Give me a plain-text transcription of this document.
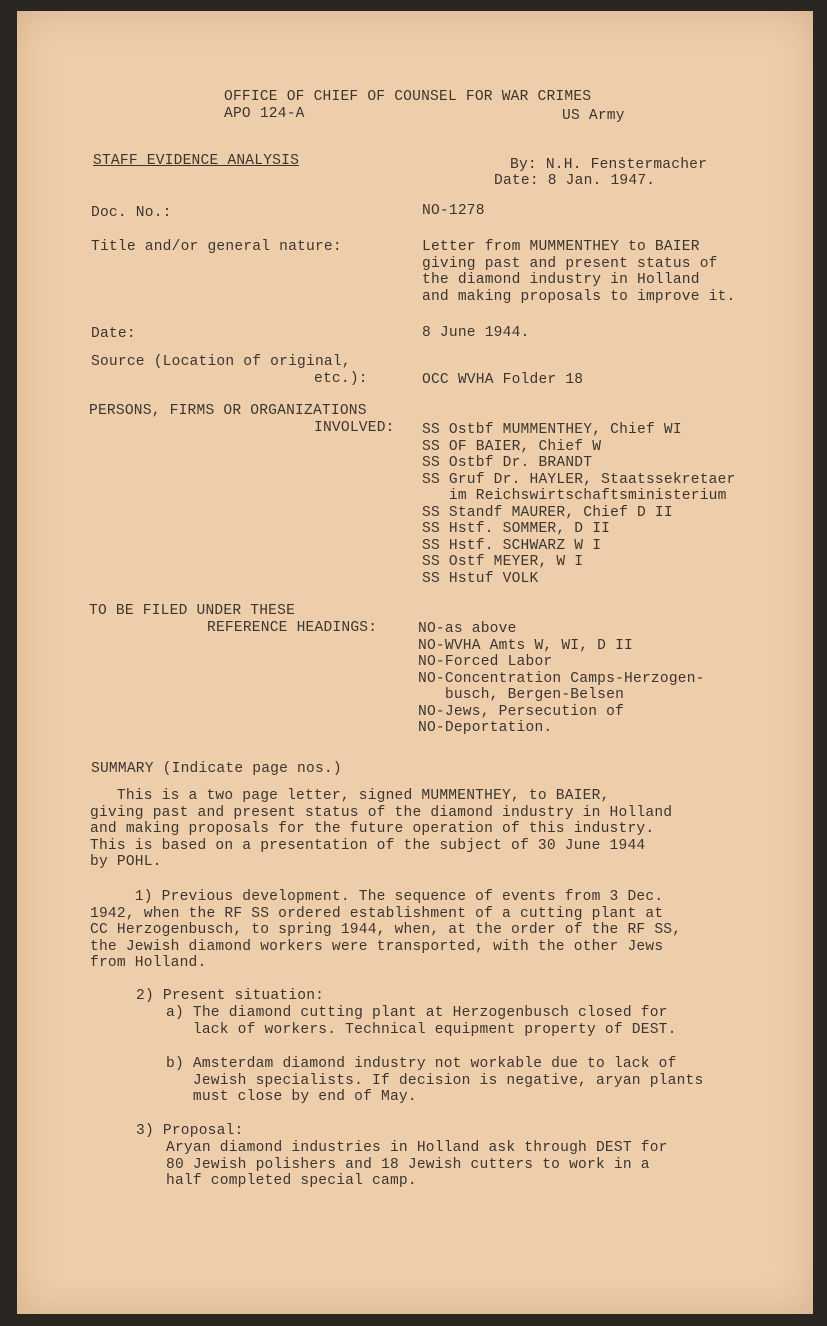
OFFICE OF CHIEF OF COUNSEL FOR WAR CRIMES
APO 124-A	US Army
STAFF EVIDENCE ANALYSIS	By: N.H. Fenstermacher
Date: 8 Jan. 1947.
Doc. No.:	NO-1278
Title and/or general nature:	Letter from MUMMENTHEY to BAIER
giving past and present status of
the diamond industry in Holland
and making proposals to improve it.
Date:	8 June 1944.
Source (Location of original,
etc.):	OCC WVHA Folder 18
PERSONS, FIRMS OR ORGANIZATIONS
INVOLVED: SS Ostbf MUMMENTHEY, Chief WI
SS OF BAIER, Chief W
SS Ostbf Dr. BRANDT
SS Gruf Dr. HAYLER, Staatssekretaer
im Reichswirtschaftsministerium
SS Standf MAURER, Chief D II
SS Hstf. SOMMER, D II
SS Hstf. SCHWARZ W I
SS Ostf MEYER, W I
SS Hstuf VOLK
TO BE FILED UNDER THESE
REFERENCE HEADINGS:	NO-as above
NO-WVHA Amts W, WI, D II
NO-Forced Labor
NO-Concentration Camps-Herzogen-
busch, Bergen-Belsen
NO-Jews, Persecution of
NO-Deportation.
SUMMARY (Indicate page nos.)
This is a two page letter, signed MUMMENTHEY, to BAIER,
giving past and present status of the diamond industry in Holland
and making proposals for the future operation of this industry.
This is based on a presentation of the subject of 30 June 1944
by POHL.
1) Previous development. The sequence of events from 3 Dec.
1942, when the RF SS ordered establishment of a cutting plant at
CC Herzogenbusch, to spring 1944, when, at the order of the RF SS,
the Jewish diamond workers were transported, with the other Jews
from Holland.
2) Present situation:
a) The diamond cutting plant at Herzogenbusch closed for
lack of workers. Technical equipment property of DEST.
b) Amsterdam diamond industry not workable due to lack of
Jewish specialists. If decision is negative, aryan plants
must close by end of May.
3) Proposal:
Aryan diamond industries in Holland ask through DEST for
80 Jewish polishers and 18 Jewish cutters to work in a
half completed special camp.
